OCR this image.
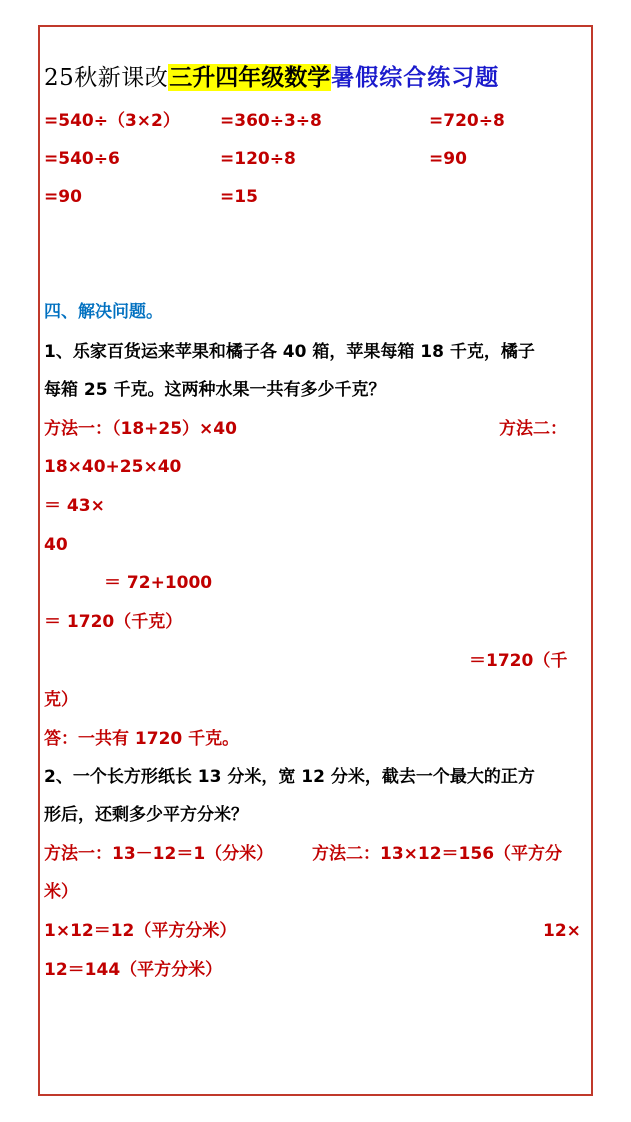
25秋新课改三升四年级数学暑假综合练习题
=540÷（3×2） =360÷3÷8	=720÷8
=540÷6	=120÷8	=90
=90	=15
四、解决问题。
1、乐家百货运来苹果和橘子各 40 箱，苹果每箱 18 千克，橘子
每箱 25 千克。这两种水果一共有多少千克？
方法一：（18+25）×40	方法二：
18×40+25×40
＝ 43×
40
＝ 72+1000
＝ 1720（千克）
＝1720（千
克）
答：一共有 1720 千克。
2、一个长方形纸长 13 分米，宽 12 分米，截去一个最大的正方
形后，还剩多少平方分米？
方法一：13－12＝1（分米） 方法二：13×12＝156（平方分
米）
1×12＝12（平方分米）	12×
12＝144（平方分米）
